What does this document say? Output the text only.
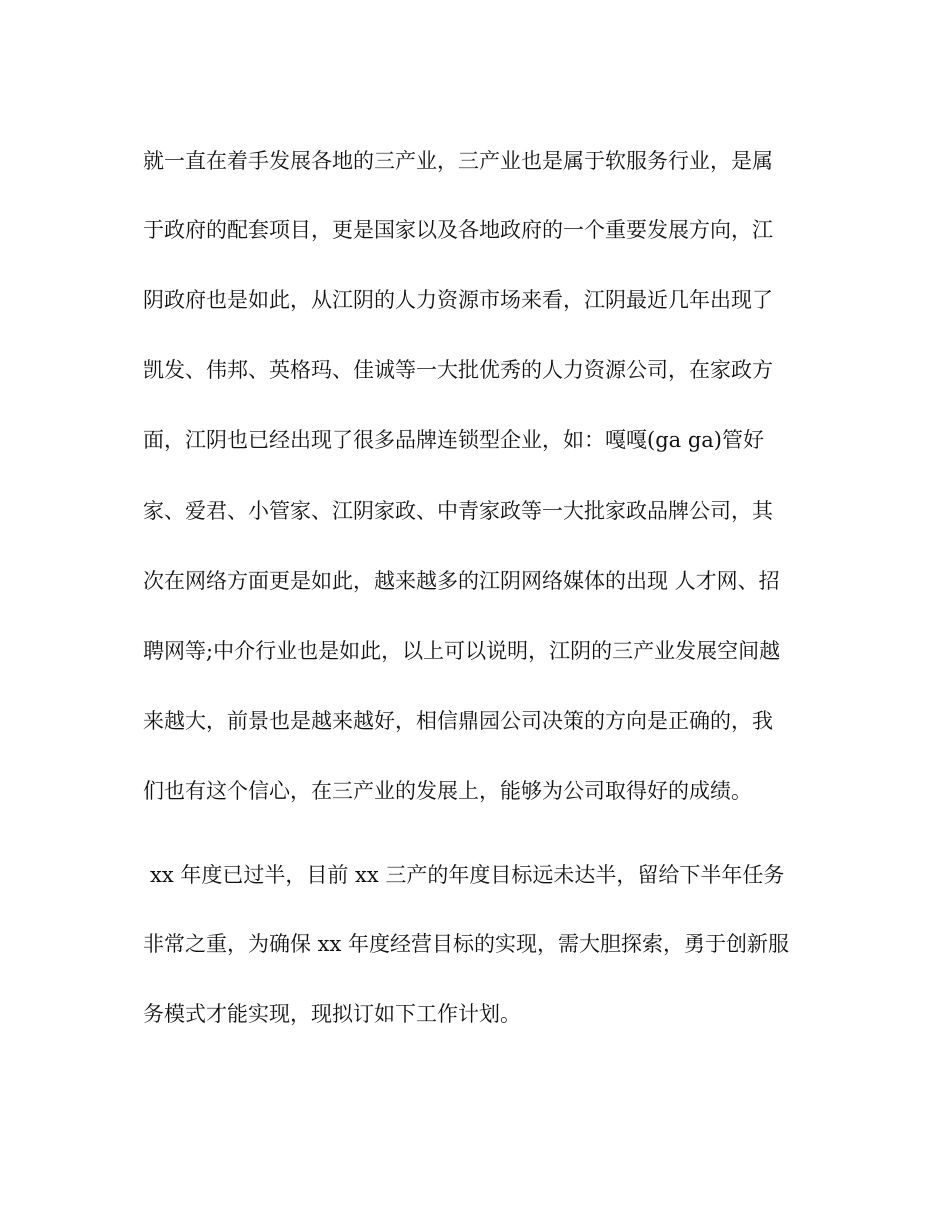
就一直在着手发展各地的三产业，三产业也是属于软服务行业，是属

于政府的配套项目，更是国家以及各地政府的一个重要发展方向，江

阴政府也是如此，从江阴的人力资源市场来看，江阴最近几年出现了

凯发、伟邦、英格玛、佳诚等一大批优秀的人力资源公司，在家政方

面，江阴也已经出现了很多品牌连锁型企业，如：嘎嘎(ga ga)管好

家、爱君、小管家、江阴家政、中青家政等一大批家政品牌公司，其

次在网络方面更是如此，越来越多的江阴网络媒体的出现 人才网、招

聘网等;中介行业也是如此，以上可以说明，江阴的三产业发展空间越

来越大，前景也是越来越好，相信鼎园公司决策的方向是正确的，我

们也有这个信心，在三产业的发展上，能够为公司取得好的成绩。

xx 年度已过半，目前 xx 三产的年度目标远未达半，留给下半年任务

非常之重，为确保 xx 年度经营目标的实现，需大胆探索，勇于创新服

务模式才能实现，现拟订如下工作计划。
